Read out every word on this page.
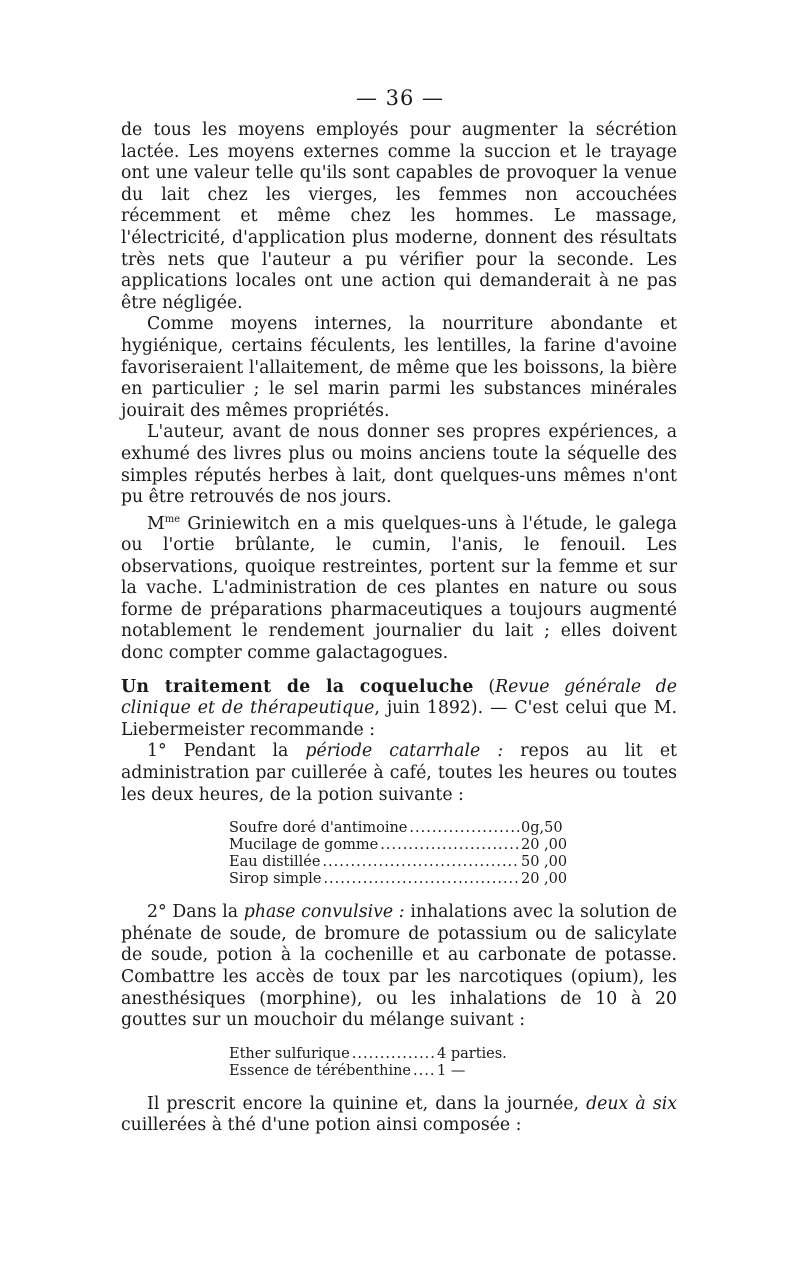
— 36 —

de tous les moyens employés pour augmenter la sécrétion lactée. Les moyens externes comme la succion et le trayage ont une valeur telle qu'ils sont capables de provoquer la venue du lait chez les vierges, les femmes non accouchées récemment et même chez les hommes. Le massage, l'électricité, d'application plus moderne, donnent des résultats très nets que l'auteur a pu vérifier pour la seconde. Les applications locales ont une action qui demanderait à ne pas être négligée.

Comme moyens internes, la nourriture abondante et hygiénique, certains féculents, les lentilles, la farine d'avoine favoriseraient l'allaitement, de même que les boissons, la bière en particulier ; le sel marin parmi les substances minérales jouirait des mêmes propriétés.

L'auteur, avant de nous donner ses propres expériences, a exhumé des livres plus ou moins anciens toute la séquelle des simples réputés herbes à lait, dont quelques-uns mêmes n'ont pu être retrouvés de nos jours.

$M^{me}$ Griniewitch en a mis quelques-uns à l'étude, le galega ou l'ortie brûlante, le cumin, l'anis, le fenouil. Les observations, quoique restreintes, portent sur la femme et sur la vache. L'administration de ces plantes en nature ou sous forme de préparations pharmaceutiques a toujours augmenté notablement le rendement journalier du lait ; elles doivent donc compter comme galactagogues.

Un traitement de la coqueluche (Revue générale de clinique et de thérapeutique, juin 1892). — C'est celui que M. Liebermeister recommande :

1° Pendant la période catarrhale : repos au lit et administration par cuillerée à café, toutes les heures ou toutes les deux heures, de la potion suivante :

Soufre doré d'antimoine .....	0g,50
Mucilage de gomme .....	20 ,00
Eau distillée .....	50 ,00
Sirop simple .....	20 ,00

2° Dans la phase convulsive : inhalations avec la solution de phénate de soude, de bromure de potassium ou de salicylate de soude, potion à la cochenille et au carbonate de potasse. Combattre les accès de toux par les narcotiques (opium), les anesthésiques (morphine), ou les inhalations de 10 à 20 gouttes sur un mouchoir du mélange suivant :

Ether sulfurique .....	4 parties.
Essence de térébenthine ..... 1 —

Il prescrit encore la quinine et, dans la journée, deux à six cuillerées à thé d'une potion ainsi composée :
